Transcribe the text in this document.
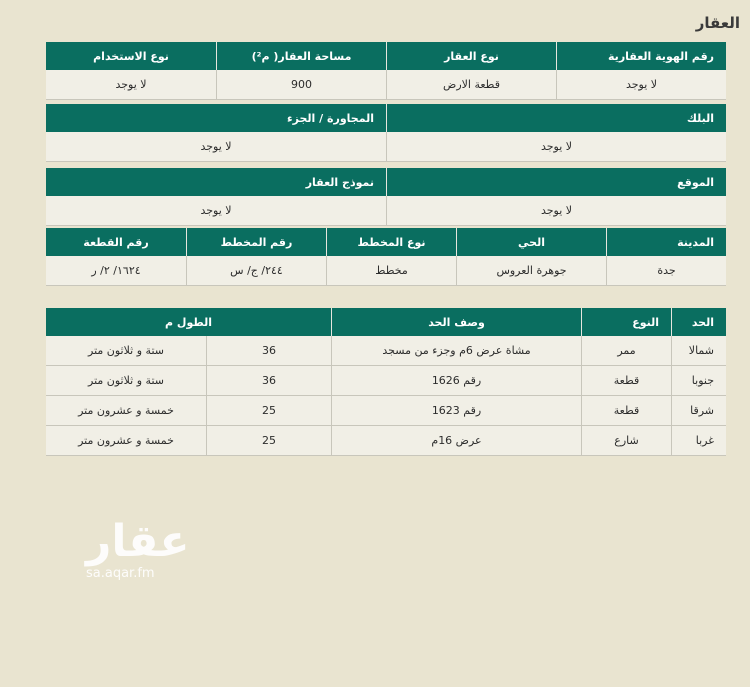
العقار
رقم الهوية العقارية
نوع العقار
مساحة العقار( م²)
نوع الاستخدام
لا يوجد
قطعة الارض
900
لا يوجد
البلك
المجاورة / الجزء
لا يوجد
لا يوجد
الموقع
نموذج العقار
لا يوجد
لا يوجد
المدينة
الحي
نوع المخطط
رقم المخطط
رقم القطعة
جدة
جوهرة العروس
مخطط
٢٤٤/ ج/ س
١٦٢٤/ ٢/ ر
الحد
النوع
وصف الحد
الطول م
شمالا
ممر
مشاة عرض 6م وجزء من مسجد
36
ستة و ثلاثون متر
جنوبا
قطعة
رقم 1626
36
ستة و ثلاثون متر
شرقا
قطعة
رقم 1623
25
خمسة و عشرون متر
غربا
شارع
عرض 16م
25
خمسة و عشرون متر
عقار
sa.aqar.fm
